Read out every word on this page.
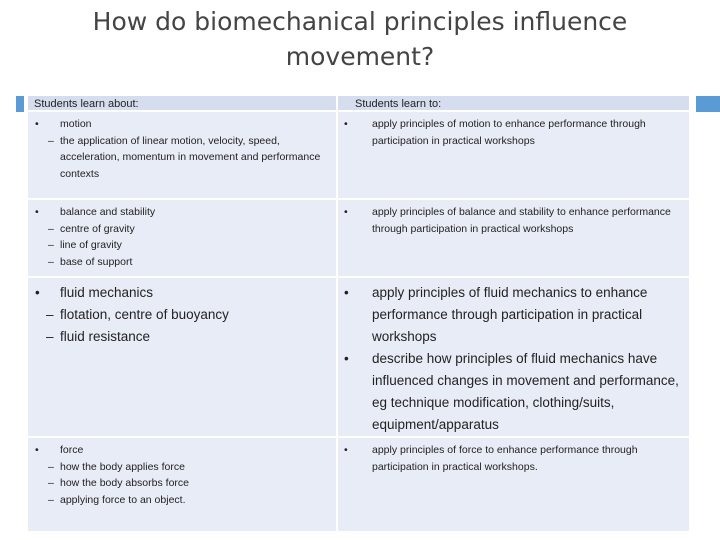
How do biomechanical principles influence movement?
Students learn about:	Students learn to:
• motion
– the application of linear motion, velocity, speed, acceleration, momentum in movement and performance contexts
• apply principles of motion to enhance performance through participation in practical workshops
• balance and stability
– centre of gravity
– line of gravity
– base of support
• apply principles of balance and stability to enhance performance through participation in practical workshops
• fluid mechanics
– flotation, centre of buoyancy
– fluid resistance
• apply principles of fluid mechanics to enhance performance through participation in practical workshops
• describe how principles of fluid mechanics have influenced changes in movement and performance, eg technique modification, clothing/suits, equipment/apparatus
• force
– how the body applies force
– how the body absorbs force
– applying force to an object.
• apply principles of force to enhance performance through participation in practical workshops.
